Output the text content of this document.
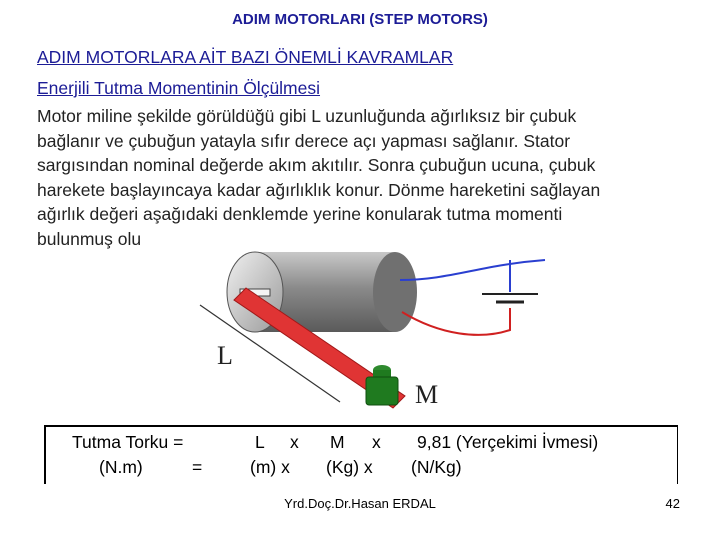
ADIM MOTORLARI (STEP MOTORS)
ADIM MOTORLARA AİT BAZI ÖNEMLİ KAVRAMLAR
Enerjili Tutma Momentinin Ölçülmesi
Motor miline şekilde görüldüğü gibi L uzunluğunda ağırlıksız bir çubuk
bağlanır ve çubuğun yatayla sıfır derece açı yapması sağlanır. Stator
sargısından nominal değerde akım akıtılır. Sonra çubuğun ucuna, çubuk
harekete başlayıncaya kadar ağırlıklık konur. Dönme hareketini sağlayan
ağırlık değeri aşağıdaki denklemde yerine konularak tutma momenti
bulunmuş olu
L
M
Tutma Torku =	L x M x 9,81 (Yerçekimi İvmesi)
(N.m)	=	(m) x (Kg) x (N/Kg)
Yrd.Doç.Dr.Hasan ERDAL	42
